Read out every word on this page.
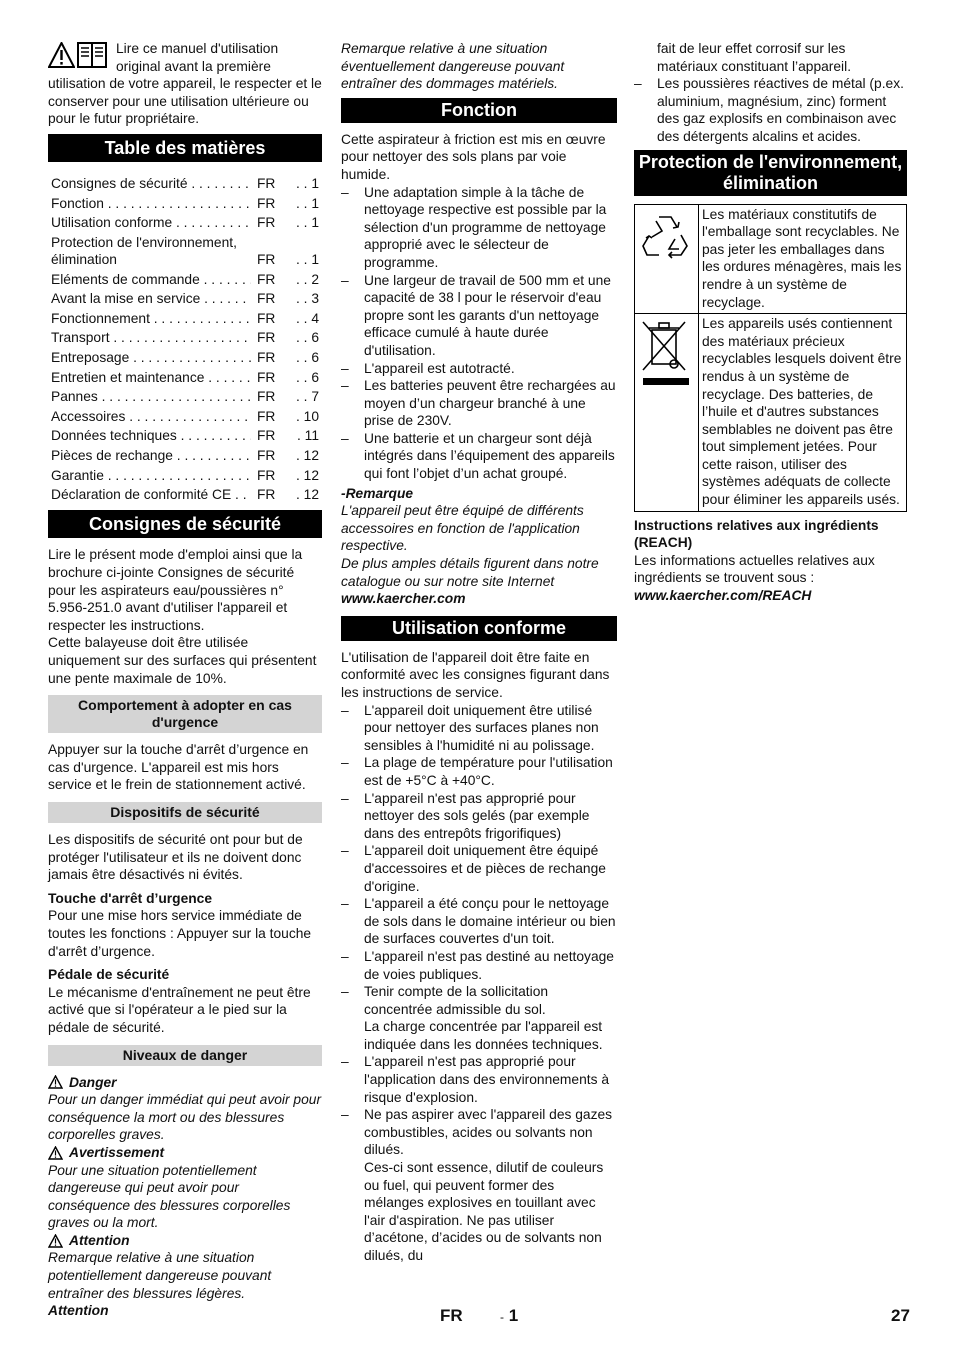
Lire ce manuel d'utilisation original avant la première utilisation de votre appareil, le respecter et le conserver pour une utilisation ultérieure ou pour le futur propriétaire.

Table des matières
Consignes de sécurité . . .	FR	. . 1
Fonction . . .	FR	. . 1
Utilisation conforme . . .	FR	. . 1
Protection de l'environnement, élimination	FR	. . 1
Eléments de commande . . .	FR	. . 2
Avant la mise en service . . .	FR	. . 3
Fonctionnement . . .	FR	. . 4
Transport . . .	FR	. . 6
Entreposage . . .	FR	. . 6
Entretien et maintenance . . .	FR	. . 6
Pannes . . .	FR	. . 7
Accessoires . . .	FR	. 10
Données techniques . . .	FR	. 11
Pièces de rechange . . .	FR	. 12
Garantie . . .	FR	. 12
Déclaration de conformité CE . . .	FR	. 12
Consignes de sécurité

Lire le présent mode d'emploi ainsi que la brochure ci-jointe Consignes de sécurité pour les aspirateurs eau/poussières n° 5.956-251.0 avant d'utiliser l'appareil et respecter les instructions.

Cette balayeuse doit être utilisée uniquement sur des surfaces qui présentent une pente maximale de 10%.

Comportement à adopter en cas d'urgence

Appuyer sur la touche d'arrêt d’urgence en cas d'urgence. L'appareil est mis hors service et le frein de stationnement activé.

Dispositifs de sécurité

Les dispositifs de sécurité ont pour but de protéger l'utilisateur et ils ne doivent donc jamais être désactivés ni évités.

Touche d'arrêt d’urgence

Pour une mise hors service immédiate de toutes les fonctions : Appuyer sur la touche d'arrêt d’urgence.

Pédale de sécurité

Le mécanisme d'entraînement ne peut être activé que si l'opérateur a le pied sur la pédale de sécurité.

Niveaux de danger
Danger

Pour un danger immédiat qui peut avoir pour conséquence la mort ou des blessures corporelles graves.

Avertissement

Pour une situation potentiellement dangereuse qui peut avoir pour conséquence des blessures corporelles graves ou la mort.

Attention

Remarque relative à une situation potentiellement dangereuse pouvant entraîner des blessures légères.

Attention

Remarque relative à une situation éventuellement dangereuse pouvant entraîner des dommages matériels.

Fonction

Cette aspirateur à friction est mis en œuvre pour nettoyer des sols plans par voie humide.

– Une adaptation simple à la tâche de nettoyage respective est possible par la sélection d'un programme de nettoyage approprié avec le sélecteur de programme.
– Une largeur de travail de 500 mm et une capacité de 38 l pour le réservoir d'eau propre sont les garants d'un nettoyage efficace cumulé à haute durée d'utilisation.
– L'appareil est autotracté.
– Les batteries peuvent être rechargées au moyen d’un chargeur branché à une prise de 230V.
– Une batterie et un chargeur sont déjà intégrés dans l’équipement des appareils qui font l’objet d’un achat groupé.

-Remarque

L'appareil peut être équipé de différents accessoires en fonction de l'application respective.

De plus amples détails figurent dans notre catalogue ou sur notre site Internet

www.kaercher.com

Utilisation conforme

L'utilisation de l'appareil doit être faite en conformité avec les consignes figurant dans les instructions de service.

– L'appareil doit uniquement être utilisé pour nettoyer des surfaces planes non sensibles à l'humidité ni au polissage.
– La plage de température pour l'utilisation est de +5°C à +40°C.
– L'appareil n'est pas approprié pour nettoyer des sols gelés (par exemple dans des entrepôts frigorifiques)
– L'appareil doit uniquement être équipé d'accessoires et de pièces de rechange d'origine.
– L'appareil a été conçu pour le nettoyage de sols dans le domaine intérieur ou bien de surfaces couvertes d'un toit.
– L'appareil n'est pas destiné au nettoyage de voies publiques.
– Tenir compte de la sollicitation concentrée admissible du sol.
La charge concentrée par l'appareil est indiquée dans les données techniques.
– L'appareil n'est pas approprié pour l'application dans des environnements à risque d'explosion.
– Ne pas aspirer avec l'appareil des gazes combustibles, acides ou solvants non dilués.
Ces-ci sont essence, dilutif de couleurs ou fuel, qui peuvent former des mélanges explosives en touillant avec l'air d'aspiration. Ne pas utiliser d’acétone, d’acides ou de solvants non dilués, du

fait de leur effet corrosif sur les matériaux constituant l’appareil.

– Les poussières réactives de métal (p.ex. aluminium, magnésium, zinc) forment des gaz explosifs en combinaison avec des détergents alcalins et acides.
Protection de l'environnement, élimination
	Les matériaux constitutifs de l'emballage sont recyclables. Ne pas jeter les emballages dans les ordures ménagères, mais les rendre à un système de recyclage.
	Les appareils usés contiennent des matériaux précieux recyclables lesquels doivent être rendus à un système de recyclage. Des batteries, de l’huile et d'autres substances semblables ne doivent pas être tout simplement jetées. Pour cette raison, utiliser des systèmes adéquats de collecte pour éliminer les appareils usés.

Instructions relatives aux ingrédients (REACH)

Les informations actuelles relatives aux ingrédients se trouvent sous :

www.kaercher.com/REACH

FR	- 1	27
